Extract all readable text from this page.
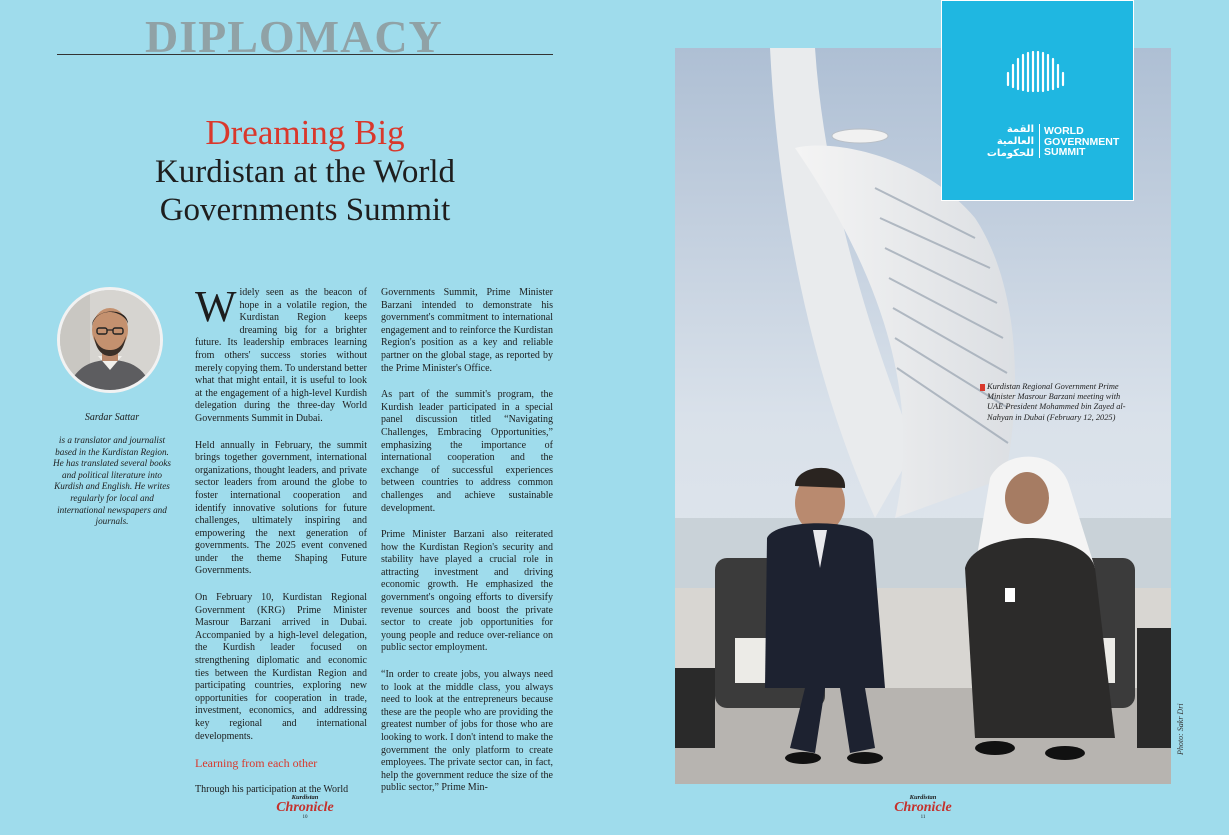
DIPLOMACY
Dreaming Big
Kurdistan at the World
Governments Summit
Sardar Sattar
is a translator and journalist based in the Kurdistan Region. He has translated several books and political literature into Kurdish and English. He writes regularly for local and international newspapers and journals.

Widely seen as the beacon of hope in a volatile region, the Kurdistan Region keeps dreaming big for a brighter future. Its leadership embraces learning from others' success stories without merely copying them. To understand better what that might entail, it is useful to look at the engagement of a high-level Kurdish delegation during the three-day World Governments Summit in Dubai.

Held annually in February, the summit brings together government, international organizations, thought leaders, and private sector leaders from around the globe to foster international cooperation and identify innovative solutions for future challenges, ultimately inspiring and empowering the next generation of governments. The 2025 event convened under the theme Shaping Future Governments.

On February 10, Kurdistan Regional Government (KRG) Prime Minister Masrour Barzani arrived in Dubai. Accompanied by a high-level delegation, the Kurdish leader focused on strengthening diplomatic and economic ties between the Kurdistan Region and participating countries, exploring new opportunities for cooperation in trade, investment, economics, and addressing key regional and international developments.

Learning from each other

Through his participation at the World

Governments Summit, Prime Minister Barzani intended to demonstrate his government's commitment to international engagement and to reinforce the Kurdistan Region's position as a key and reliable partner on the global stage, as reported by the Prime Minister's Office.

As part of the summit's program, the Kurdish leader participated in a special panel discussion titled “Navigating Challenges, Embracing Opportunities,” emphasizing the importance of international cooperation and the exchange of successful experiences between countries to address common challenges and achieve sustainable development.

Prime Minister Barzani also reiterated how the Kurdistan Region's security and stability have played a crucial role in attracting investment and driving economic growth. He emphasized the government's ongoing efforts to diversify revenue sources and boost the private sector to create job opportunities for young people and reduce over-reliance on public sector employment.

“In order to create jobs, you always need to look at the middle class, you always need to look at the entrepreneurs because these are the people who are providing the greatest number of jobs for those who are looking to work. I don't intend to make the government the only platform to create employees. The private sector can, in fact, help the government reduce the size of the public sector,” Prime Min-

Kurdistan
Chronicle
10
القمة
العالمية
للحكومات
WORLD
GOVERNMENT
SUMMIT
Kurdistan Regional Government Prime Minister Masrour Barzani meeting with UAE President Mohammed bin Zayed al-Nahyan in Dubai (February 12, 2025)
Photo: Sakr Dri
Kurdistan
Chronicle
11
